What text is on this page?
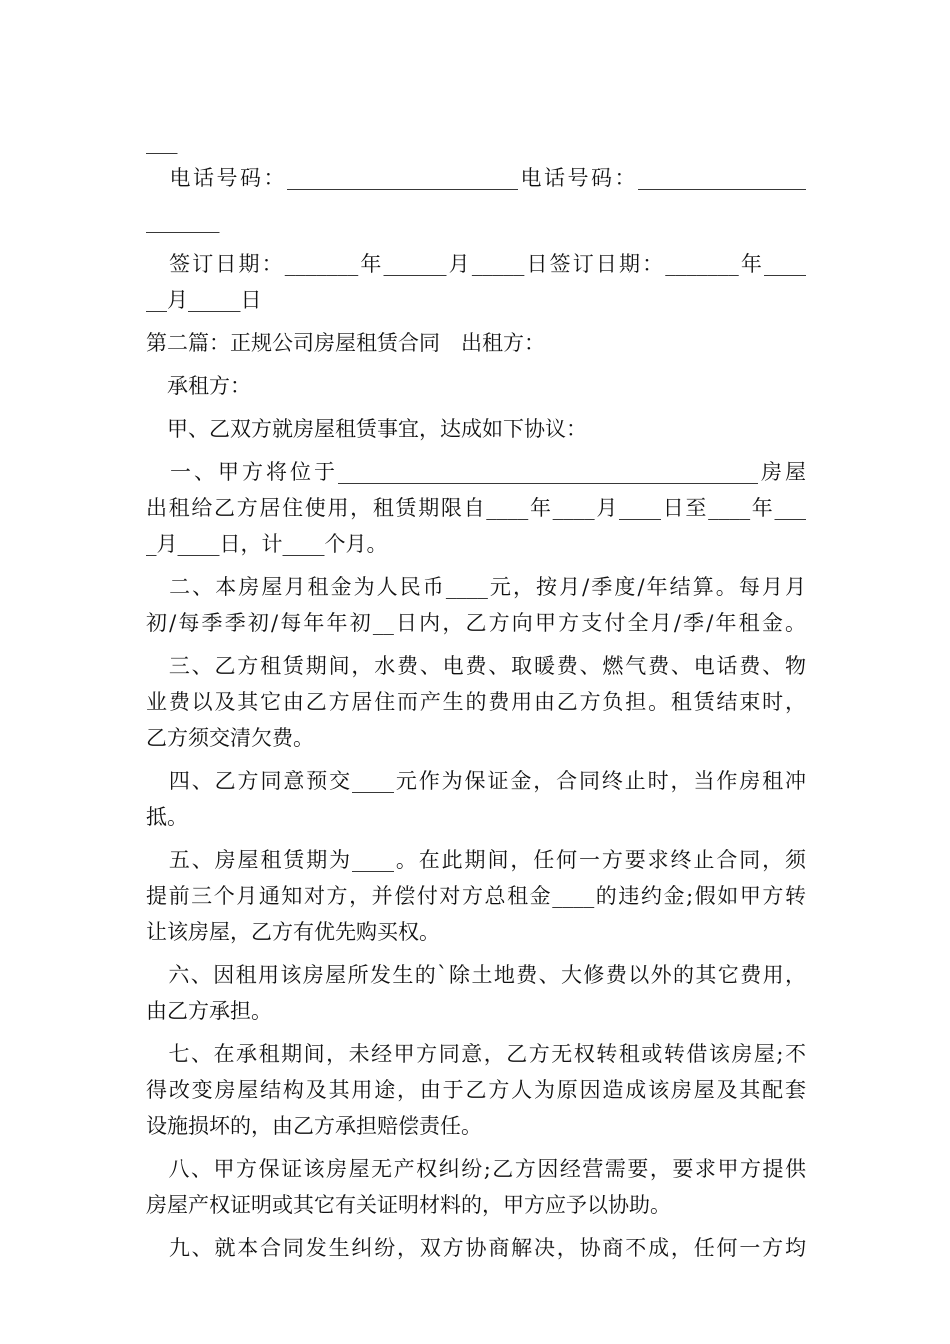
___
　电话号码：______________________电话号码：________________
_______
　签订日期：_______年______月_____日签订日期：_______年____
__月_____日
第二篇：正规公司房屋租赁合同　出租方：
　承租方：
　甲、乙双方就房屋租赁事宜，达成如下协议：
　一、甲方将位于________________________________________房屋
出租给乙方居住使用，租赁期限自____年____月____日至____年___
_月____日，计____个月。
　二、本房屋月租金为人民币____元，按月/季度/年结算。每月月
初/每季季初/每年年初__日内，乙方向甲方支付全月/季/年租金。
　三、乙方租赁期间，水费、电费、取暖费、燃气费、电话费、物
业费以及其它由乙方居住而产生的费用由乙方负担。租赁结束时，
乙方须交清欠费。
　四、乙方同意预交____元作为保证金，合同终止时，当作房租冲
抵。
　五、房屋租赁期为____。在此期间，任何一方要求终止合同，须
提前三个月通知对方，并偿付对方总租金____的违约金;假如甲方转
让该房屋，乙方有优先购买权。
　六、因租用该房屋所发生的`除土地费、大修费以外的其它费用，
由乙方承担。
　七、在承租期间，未经甲方同意，乙方无权转租或转借该房屋;不
得改变房屋结构及其用途，由于乙方人为原因造成该房屋及其配套
设施损坏的，由乙方承担赔偿责任。
　八、甲方保证该房屋无产权纠纷;乙方因经营需要，要求甲方提供
房屋产权证明或其它有关证明材料的，甲方应予以协助。
　九、就本合同发生纠纷，双方协商解决，协商不成，任何一方均
